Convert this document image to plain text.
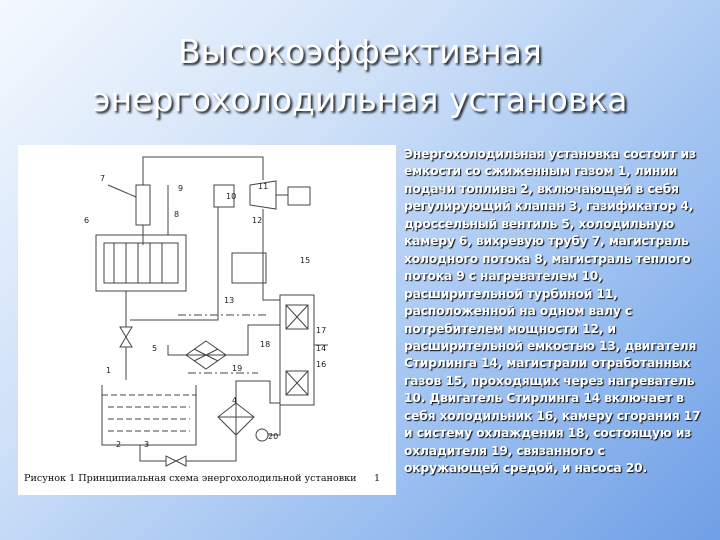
Высокоэффективная
энергохолодильная установка
7
9
10
11
12
6
8
15
13
17
18	14
5
16
19
1
4
20
2	3
Рисунок 1 Принципиальная схема энергохолодильной установки 1
Энергохолодильная установка состоит из емкости со сжиженным газом 1, линии подачи топлива 2, включающей в себя регулирующий клапан 3, газификатор 4, дроссельный вентиль 5, холодильную камеру 6, вихревую трубу 7, магистраль холодного потока 8, магистраль теплого потока 9 с нагревателем 10, расширительной турбиной 11, расположенной на одном валу с потребителем мощности 12, и расширительной емкостью 13, двигателя Стирлинга 14, магистрали отработанных газов 15, проходящих через нагреватель 10. Двигатель Стирлинга 14 включает в себя холодильник 16, камеру сгорания 17 и систему охлаждения 18, состоящую из охладителя 19, связанного с окружающей средой, и насоса 20.
